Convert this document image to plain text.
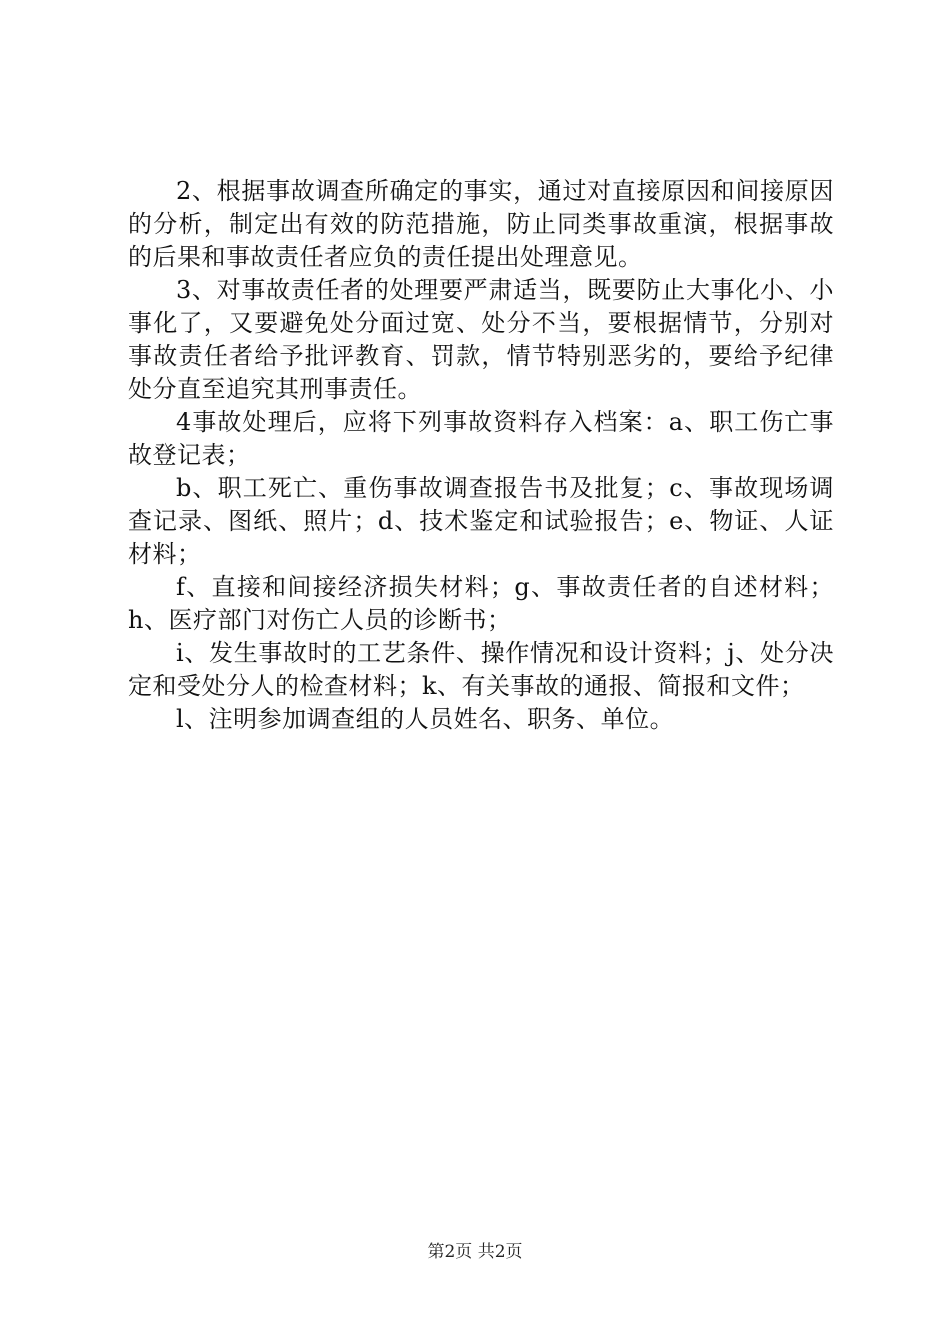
2、根据事故调查所确定的事实，通过对直接原因和间接原因的分析，制定出有效的防范措施，防止同类事故重演，根据事故的后果和事故责任者应负的责任提出处理意见。

3、对事故责任者的处理要严肃适当，既要防止大事化小、小事化了，又要避免处分面过宽、处分不当，要根据情节，分别对事故责任者给予批评教育、罚款，情节特别恶劣的，要给予纪律处分直至追究其刑事责任。

4事故处理后，应将下列事故资料存入档案：a、职工伤亡事故登记表；

b、职工死亡、重伤事故调查报告书及批复；c、事故现场调查记录、图纸、照片；d、技术鉴定和试验报告；e、物证、人证材料；

f、直接和间接经济损失材料；g、事故责任者的自述材料；h、医疗部门对伤亡人员的诊断书；

i、发生事故时的工艺条件、操作情况和设计资料；j、处分决定和受处分人的检查材料；k、有关事故的通报、简报和文件；

l、注明参加调查组的人员姓名、职务、单位。

第2页 共2页
